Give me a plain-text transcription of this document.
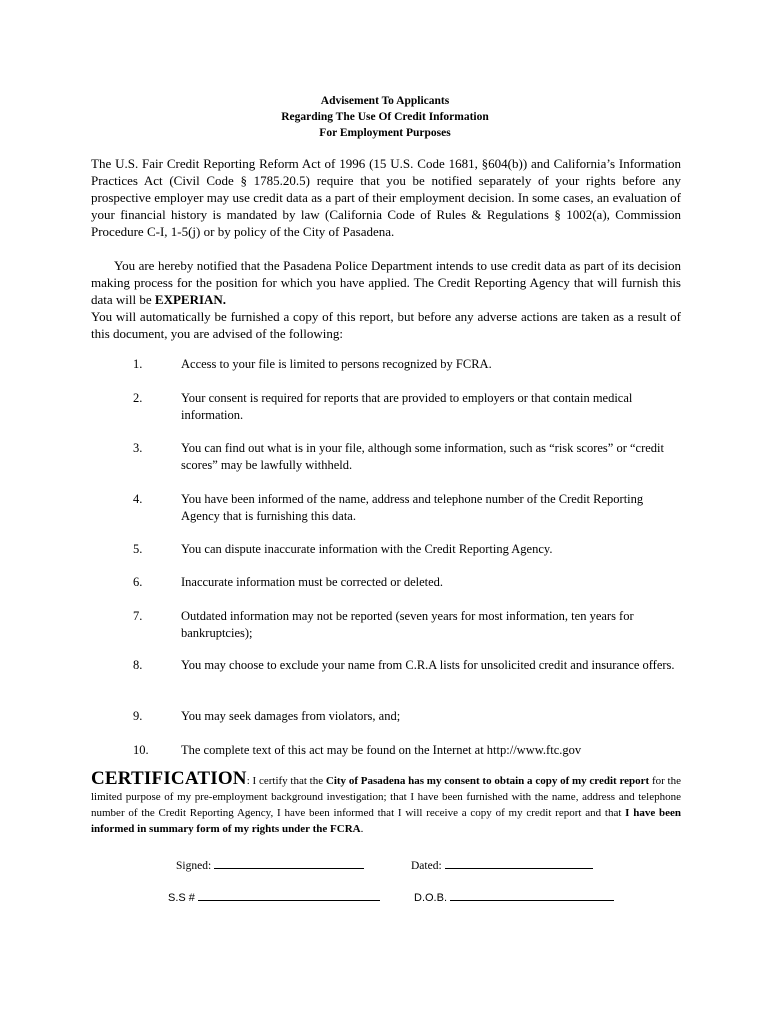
Advisement To Applicants
Regarding The Use Of Credit Information
For Employment Purposes
The U.S. Fair Credit Reporting Reform Act of 1996 (15 U.S. Code 1681, §604(b)) and California’s Information Practices Act (Civil Code § 1785.20.5) require that you be notified separately of your rights before any prospective employer may use credit data as a part of their employment decision. In some cases, an evaluation of your financial history is mandated by law (California Code of Rules & Regulations § 1002(a), Commission Procedure C-I, 1-5(j) or by policy of the City of Pasadena.
You are hereby notified that the Pasadena Police Department intends to use credit data as part of its decision making process for the position for which you have applied. The Credit Reporting Agency that will furnish this data will be EXPERIAN.
You will automatically be furnished a copy of this report, but before any adverse actions are taken as a result of this document, you are advised of the following:
1.	Access to your file is limited to persons recognized by FCRA.
2.	Your consent is required for reports that are provided to employers or that contain medical information.
3.	You can find out what is in your file, although some information, such as “risk scores” or “credit scores” may be lawfully withheld.
4.	You have been informed of the name, address and telephone number of the Credit Reporting Agency that is furnishing this data.
5.	You can dispute inaccurate information with the Credit Reporting Agency.
6.	Inaccurate information must be corrected or deleted.
7.	Outdated information may not be reported (seven years for most information, ten years for bankruptcies);
8.	You may choose to exclude your name from C.R.A lists for unsolicited credit and insurance offers.
9.	You may seek damages from violators, and;
10.	The complete text of this act may be found on the Internet at http://www.ftc.gov
CERTIFICATION: I certify that the City of Pasadena has my consent to obtain a copy of my credit report for the limited purpose of my pre-employment background investigation; that I have been furnished with the name, address and telephone number of the Credit Reporting Agency, I have been informed that I will receive a copy of my credit report and that I have been informed in summary form of my rights under the FCRA.
Signed:	Dated:
S.S #	D.O.B.
